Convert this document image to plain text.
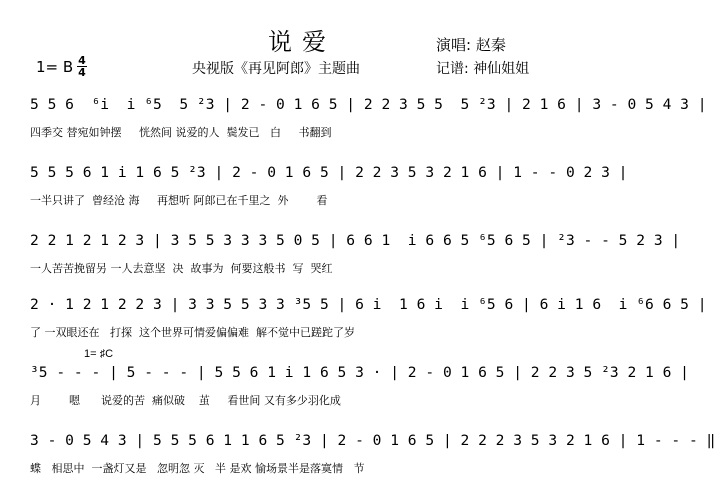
说爱	演唱: 赵秦
1= B 4
4	央视版《再见阿郎》主题曲	记谱: 神仙姐姐
1= ♯C
5 5 6  ⁶i  i ⁶5  5 ²3 | 2 - 0 1 6 5 | 2 2 3 5 5  5 ²3 | 2 1 6 | 3 - 0 5 4 3 |
四季交 替宛如钟摆     恍然间 说爱的人  鬓发已   白     书翻到
5 5 5 6 1 i 1 6 5 ²3 | 2 - 0 1 6 5 | 2 2 3 5 3 2 1 6 | 1 - - 0 2 3 |
一半只讲了  曾经沧 海     再想听 阿郎已在千里之  外        看
2 2 1 2 1 2 3 | 3 5 5 3 3 3 5 0 5 | 6 6 1  i 6 6 5 ⁶5 6 5 | ²3 - - 5 2 3 |
一人苦苦挽留另 一人去意坚  决  故事为  何要这般书  写  哭红
2 · 1 2 1 2 2 3 | 3 3 5 5 3 3 ³5 5 | 6 i  1 6 i  i ⁶5 6 | 6 i 1 6  i ⁶6 6 5 |
了 一双眼还在   打探  这个世界可情爱偏偏难  解不觉中已蹉跎了岁
³5 - - - | 5 - - - | 5 5 6 1 i 1 6 5 3 · | 2 - 0 1 6 5 | 2 2 3 5 ²3 2 1 6 |
月        嗯      说爱的苦  痛似破    茧     看世间 又有多少羽化成
3 - 0 5 4 3 | 5 5 5 6 1 1 6 5 ²3 | 2 - 0 1 6 5 | 2 2 2 3 5 3 2 1 6 | 1 - - - ‖
蝶   相思中  一盏灯又是   忽明忽 灭   半 是欢 愉场景半是落寞情   节
